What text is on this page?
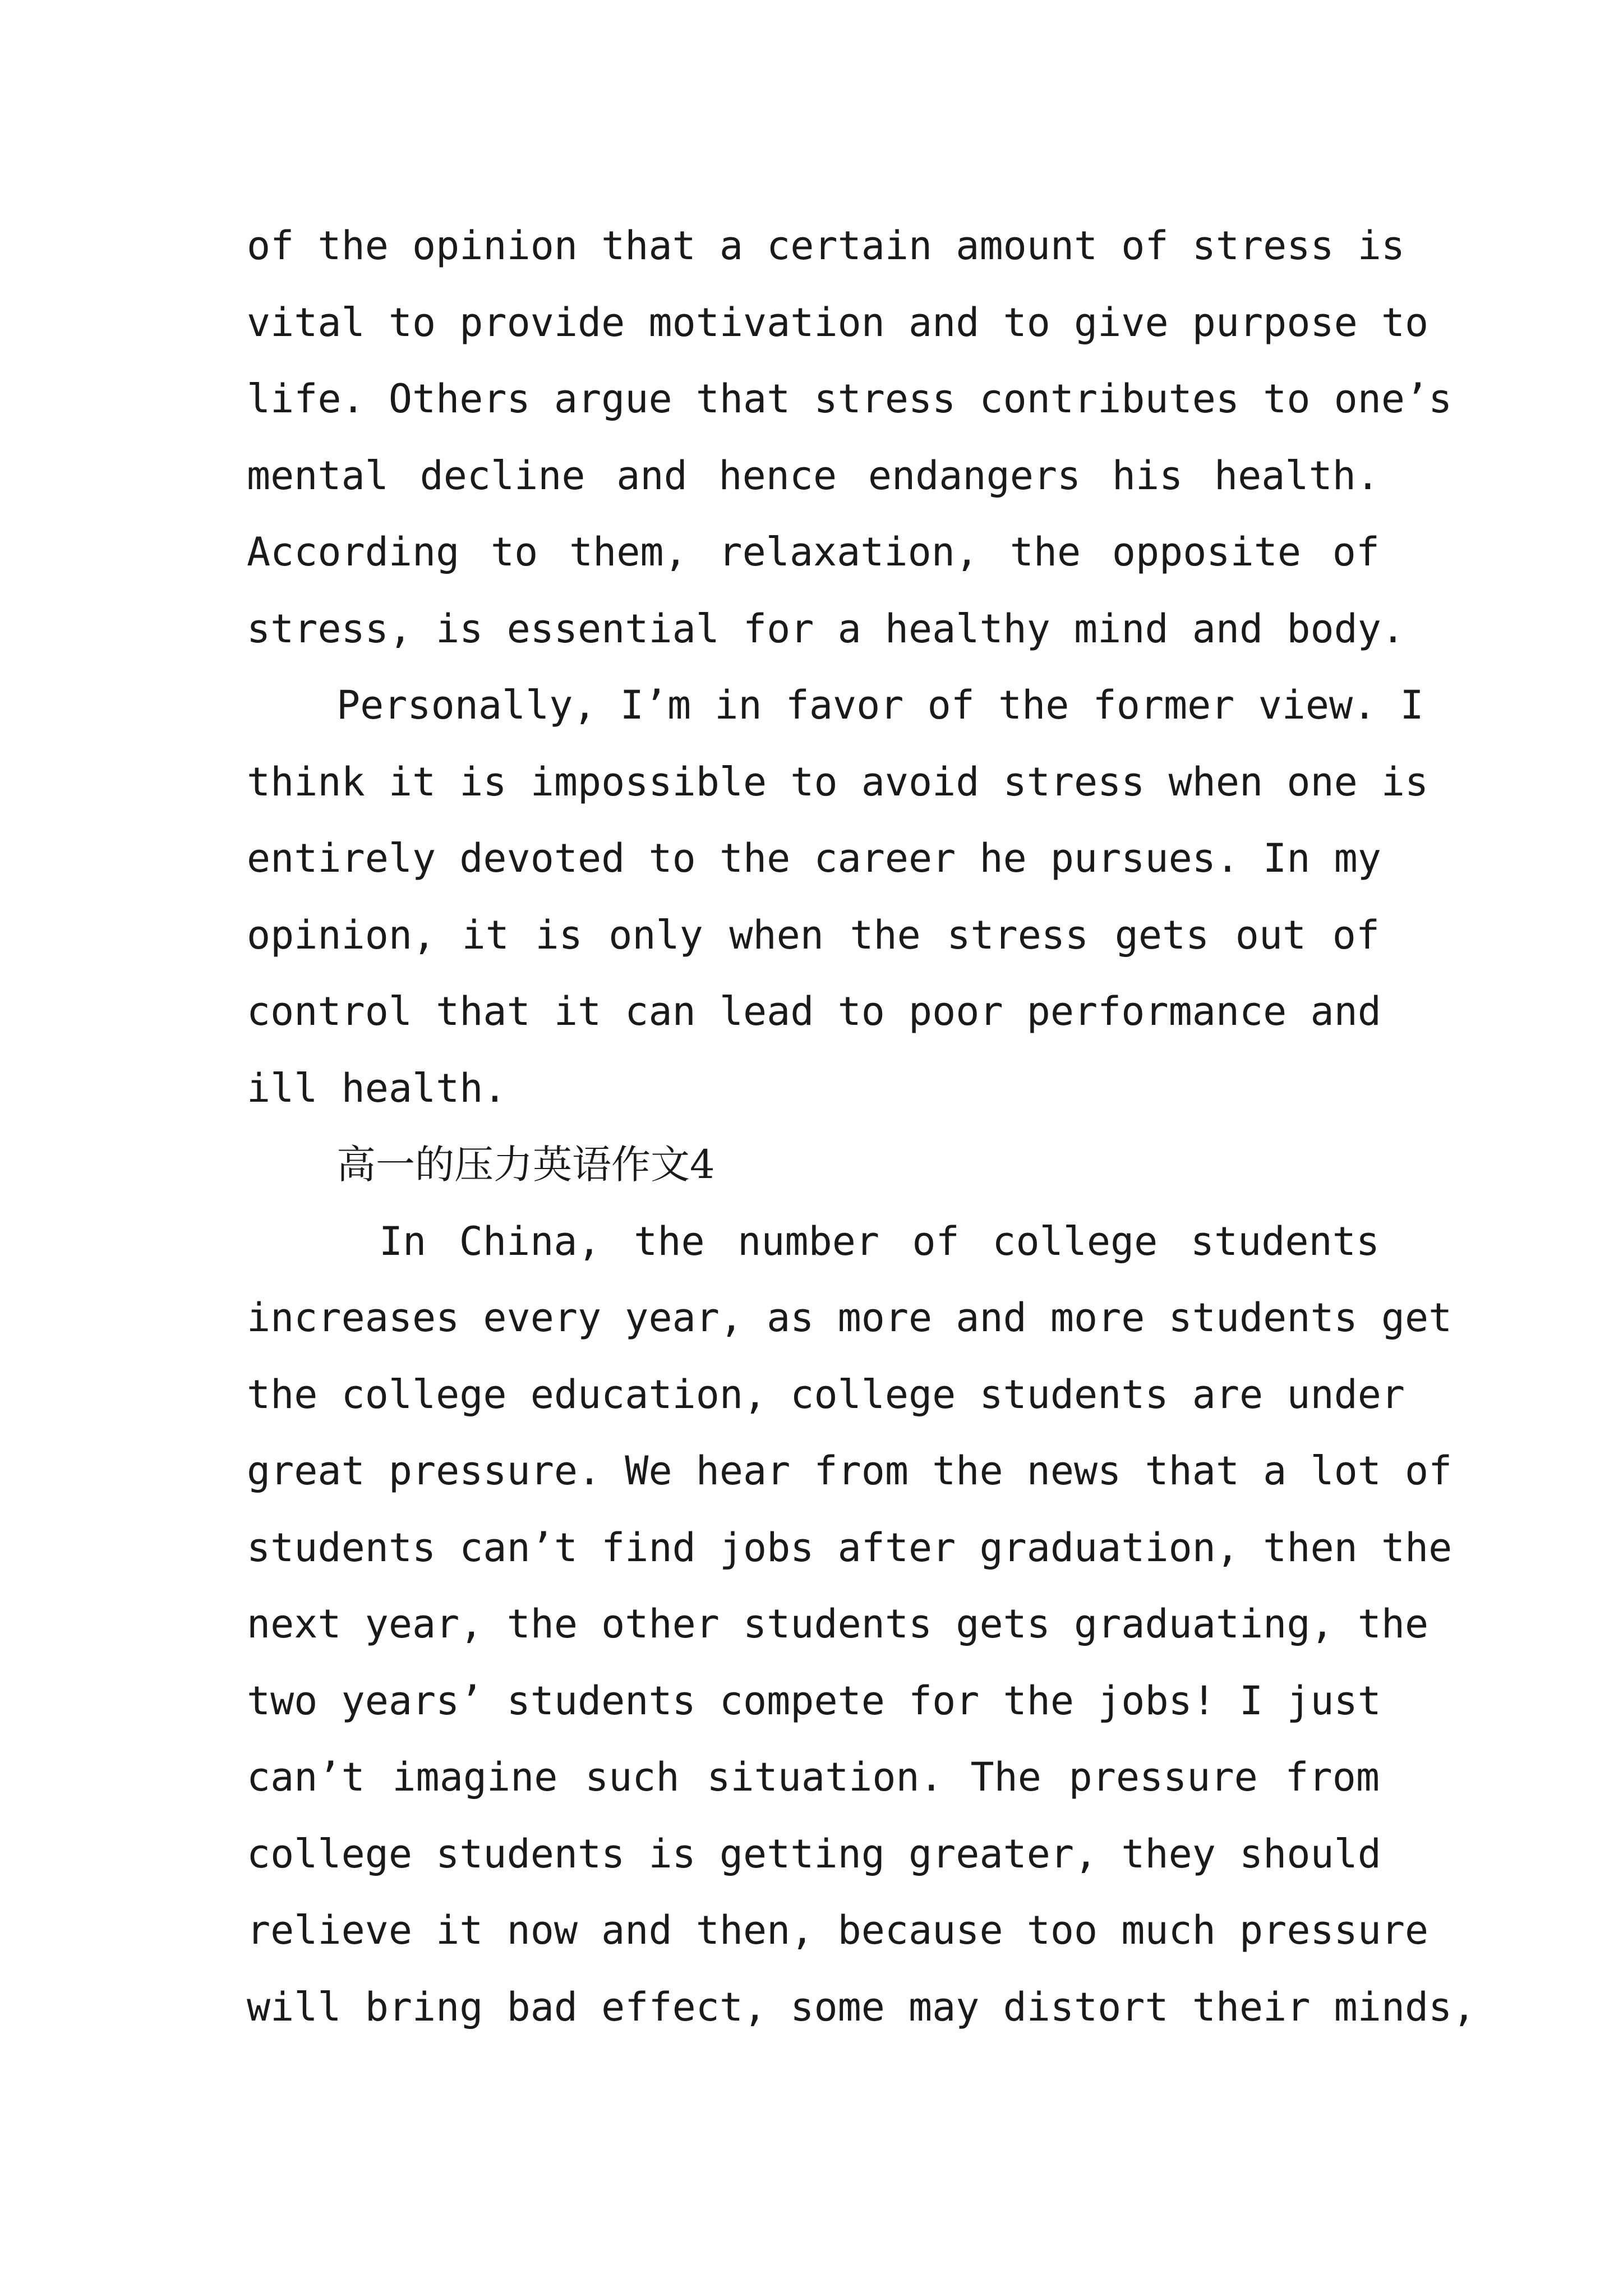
of the opinion that a certain amount of stress is
vital to provide motivation and to give purpose to
life. Others argue that stress contributes to one’s
mental decline and hence endangers his health.
According to them, relaxation, the opposite of
stress, is essential for a healthy mind and body.
Personally, I’m in favor of the former view. I
think it is impossible to avoid stress when one is
entirely devoted to the career he pursues. In my
opinion, it is only when the stress gets out of
control that it can lead to poor performance and
ill health.
高一的压力英语作文4
In China, the number of college students
increases every year, as more and more students get
the college education, college students are under
great pressure. We hear from the news that a lot of
students can’t find jobs after graduation, then the
next year, the other students gets graduating, the
two years’ students compete for the jobs! I just
can’t imagine such situation. The pressure from
college students is getting greater, they should
relieve it now and then, because too much pressure
will bring bad effect, some may distort their minds,
